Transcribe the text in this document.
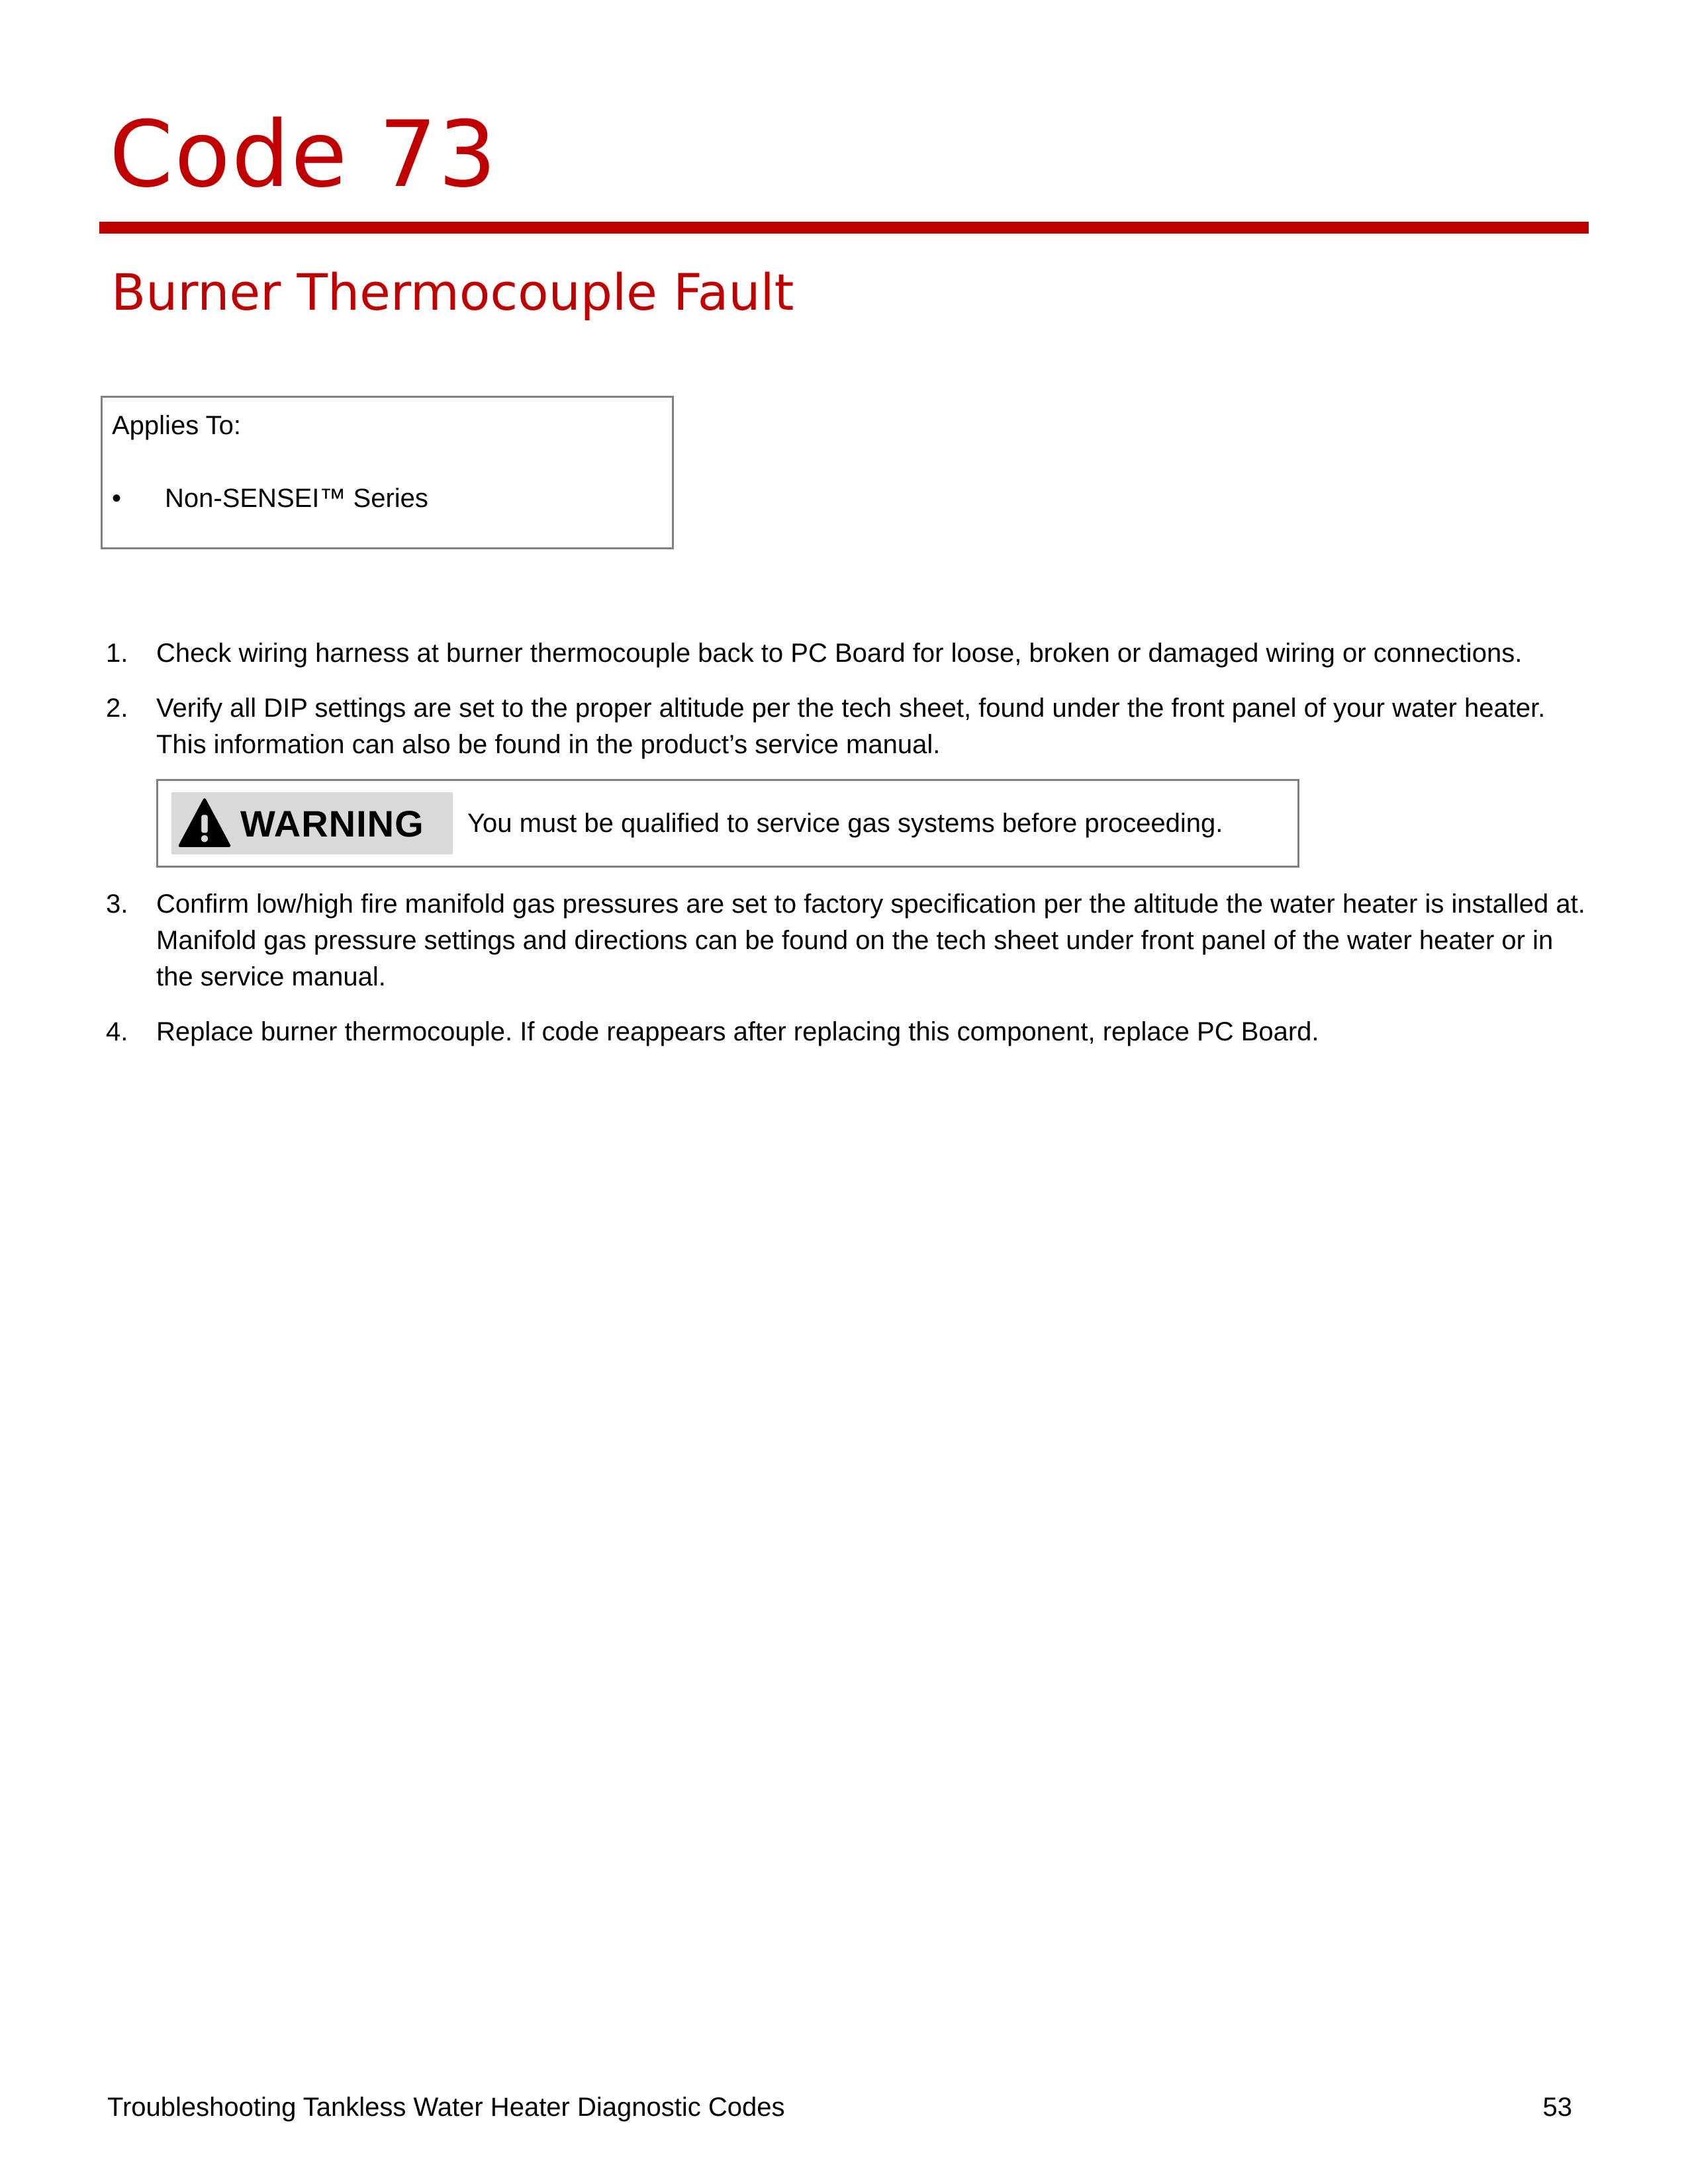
Code 73
Burner Thermocouple Fault
Applies To:
•	Non-SENSEI™ Series
1.	Check wiring harness at burner thermocouple back to PC Board for loose, broken or damaged wiring or connections.
2.	Verify all DIP settings are set to the proper altitude per the tech sheet, found under the front panel of your water heater. This information can also be found in the product’s service manual.
WARNING You must be qualified to service gas systems before proceeding.
3.	Confirm low/high fire manifold gas pressures are set to factory specification per the altitude the water heater is installed at. Manifold gas pressure settings and directions can be found on the tech sheet under front panel of the water heater or in the service manual.
4.	Replace burner thermocouple. If code reappears after replacing this component, replace PC Board.
Troubleshooting Tankless Water Heater Diagnostic Codes	53
